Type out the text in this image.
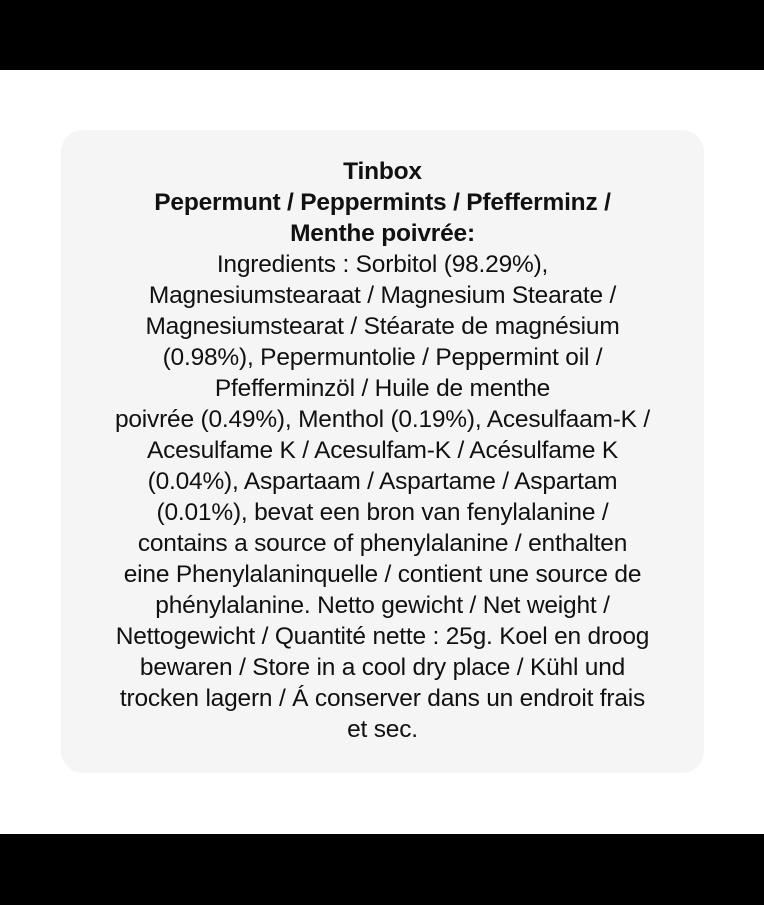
Tinbox
Pepermunt / Peppermints / Pfefferminz /
Menthe poivrée:

Ingredients : Sorbitol (98.29%),
Magnesiumstearaat / Magnesium Stearate /
Magnesiumstearat / Stéarate de magnésium
(0.98%), Pepermuntolie / Peppermint oil /
Pfefferminzöl / Huile de menthe
poivrée (0.49%), Menthol (0.19%), Acesulfaam-K /
Acesulfame K / Acesulfam-K / Acésulfame K
(0.04%), Aspartaam / Aspartame / Aspartam
(0.01%), bevat een bron van fenylalanine /
contains a source of phenylalanine / enthalten
eine Phenylalaninquelle / contient une source de
phénylalanine. Netto gewicht / Net weight /
Nettogewicht / Quantité nette : 25g. Koel en droog
bewaren / Store in a cool dry place / Kühl und
trocken lagern / Á conserver dans un endroit frais
et sec.
